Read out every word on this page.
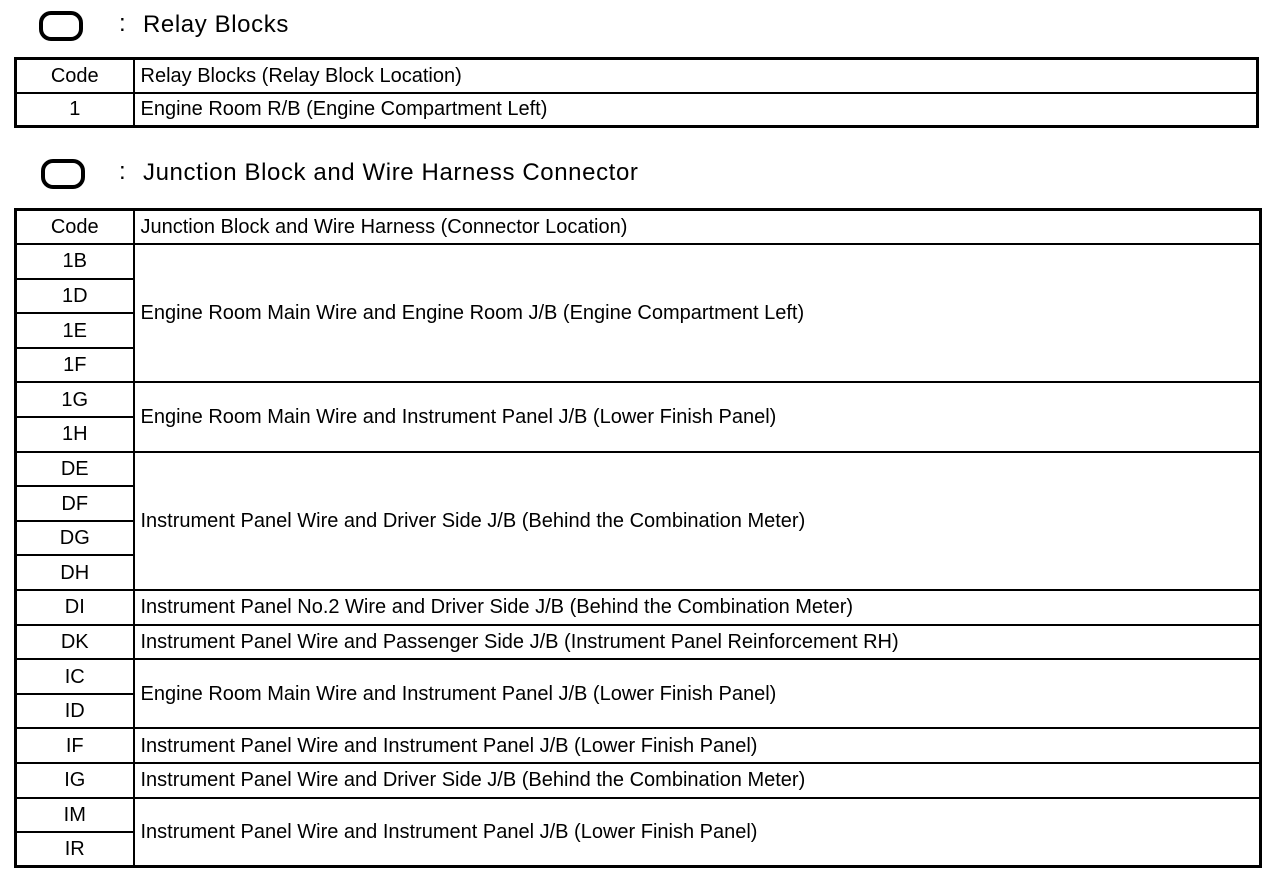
: Relay Blocks
Code	Relay Blocks (Relay Block Location)
1	Engine Room R/B (Engine Compartment Left)
: Junction Block and Wire Harness Connector
Code	Junction Block and Wire Harness (Connector Location)
1B	Engine Room Main Wire and Engine Room J/B (Engine Compartment Left)
1D	
1E	
1F	
1G	Engine Room Main Wire and Instrument Panel J/B (Lower Finish Panel)
1H	
DE	Instrument Panel Wire and Driver Side J/B (Behind the Combination Meter)
DF	
DG	
DH	
DI	Instrument Panel No.2 Wire and Driver Side J/B (Behind the Combination Meter)
DK	Instrument Panel Wire and Passenger Side J/B (Instrument Panel Reinforcement RH)
IC	Engine Room Main Wire and Instrument Panel J/B (Lower Finish Panel)
ID	
IF	Instrument Panel Wire and Instrument Panel J/B (Lower Finish Panel)
IG	Instrument Panel Wire and Driver Side J/B (Behind the Combination Meter)
IM	Instrument Panel Wire and Instrument Panel J/B (Lower Finish Panel)
IR	
